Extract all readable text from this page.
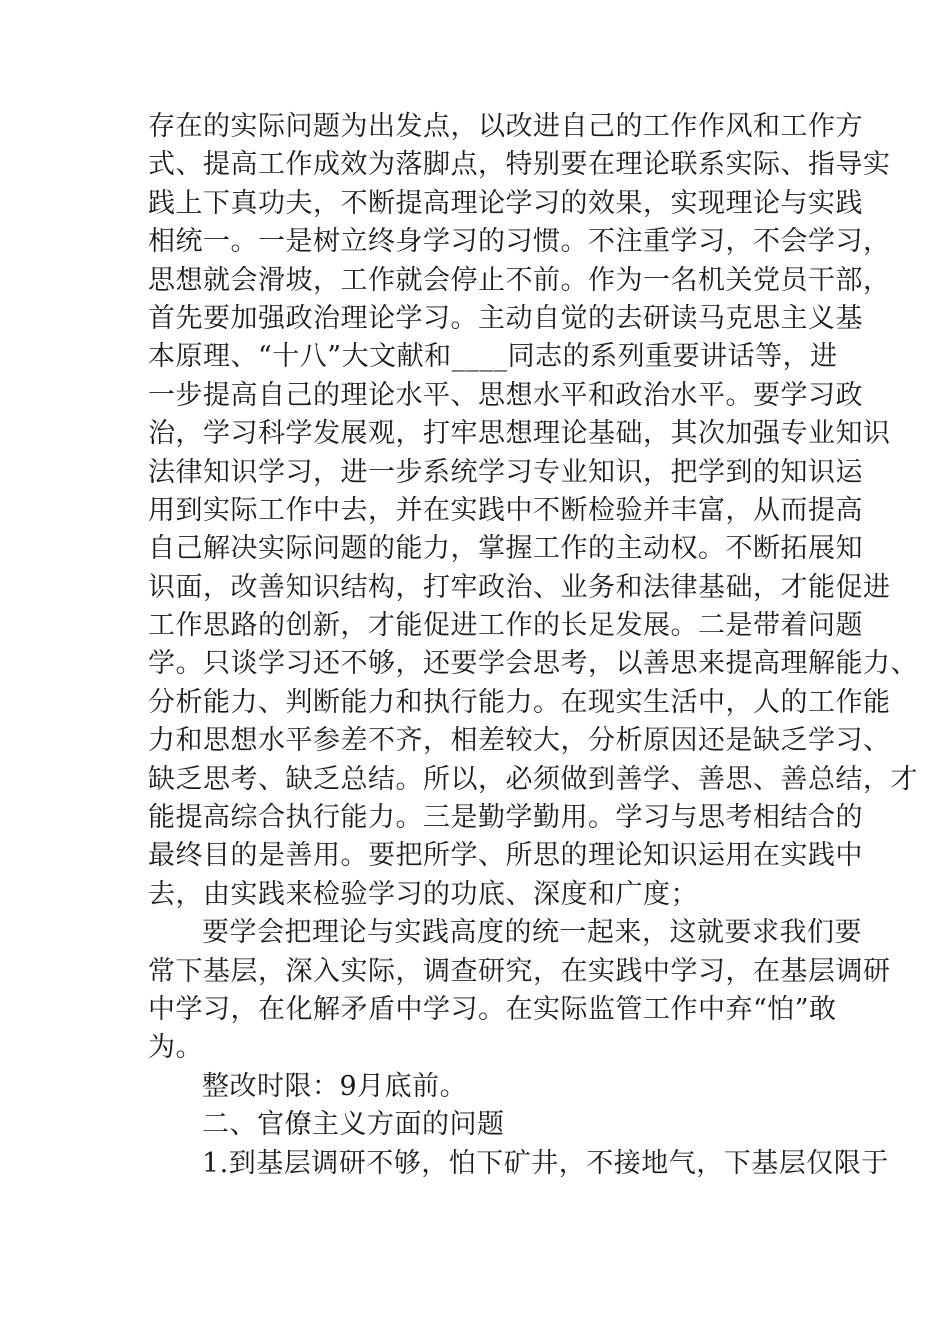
存在的实际问题为出发点，以改进自己的工作作风和工作方
式、提高工作成效为落脚点，特别要在理论联系实际、指导实
践上下真功夫，不断提高理论学习的效果，实现理论与实践
相统一。一是树立终身学习的习惯。不注重学习，不会学习，
思想就会滑坡，工作就会停止不前。作为一名机关党员干部，
首先要加强政治理论学习。主动自觉的去研读马克思主义基
本原理、“十八”大文献和____同志的系列重要讲话等，进
一步提高自己的理论水平、思想水平和政治水平。要学习政
治，学习科学发展观，打牢思想理论基础，其次加强专业知识
法律知识学习，进一步系统学习专业知识，把学到的知识运
用到实际工作中去，并在实践中不断检验并丰富，从而提高
自己解决实际问题的能力，掌握工作的主动权。不断拓展知
识面，改善知识结构，打牢政治、业务和法律基础，才能促进
工作思路的创新，才能促进工作的长足发展。二是带着问题
学。只谈学习还不够，还要学会思考，以善思来提高理解能力、
分析能力、判断能力和执行能力。在现实生活中，人的工作能
力和思想水平参差不齐，相差较大，分析原因还是缺乏学习、
缺乏思考、缺乏总结。所以，必须做到善学、善思、善总结，才
能提高综合执行能力。三是勤学勤用。学习与思考相结合的
最终目的是善用。要把所学、所思的理论知识运用在实践中
去，由实践来检验学习的功底、深度和广度；
要学会把理论与实践高度的统一起来，这就要求我们要
常下基层，深入实际，调查研究，在实践中学习，在基层调研
中学习，在化解矛盾中学习。在实际监管工作中弃“怕”敢
为。
整改时限：9月底前。
二、官僚主义方面的问题
1.到基层调研不够，怕下矿井，不接地气，下基层仅限于
